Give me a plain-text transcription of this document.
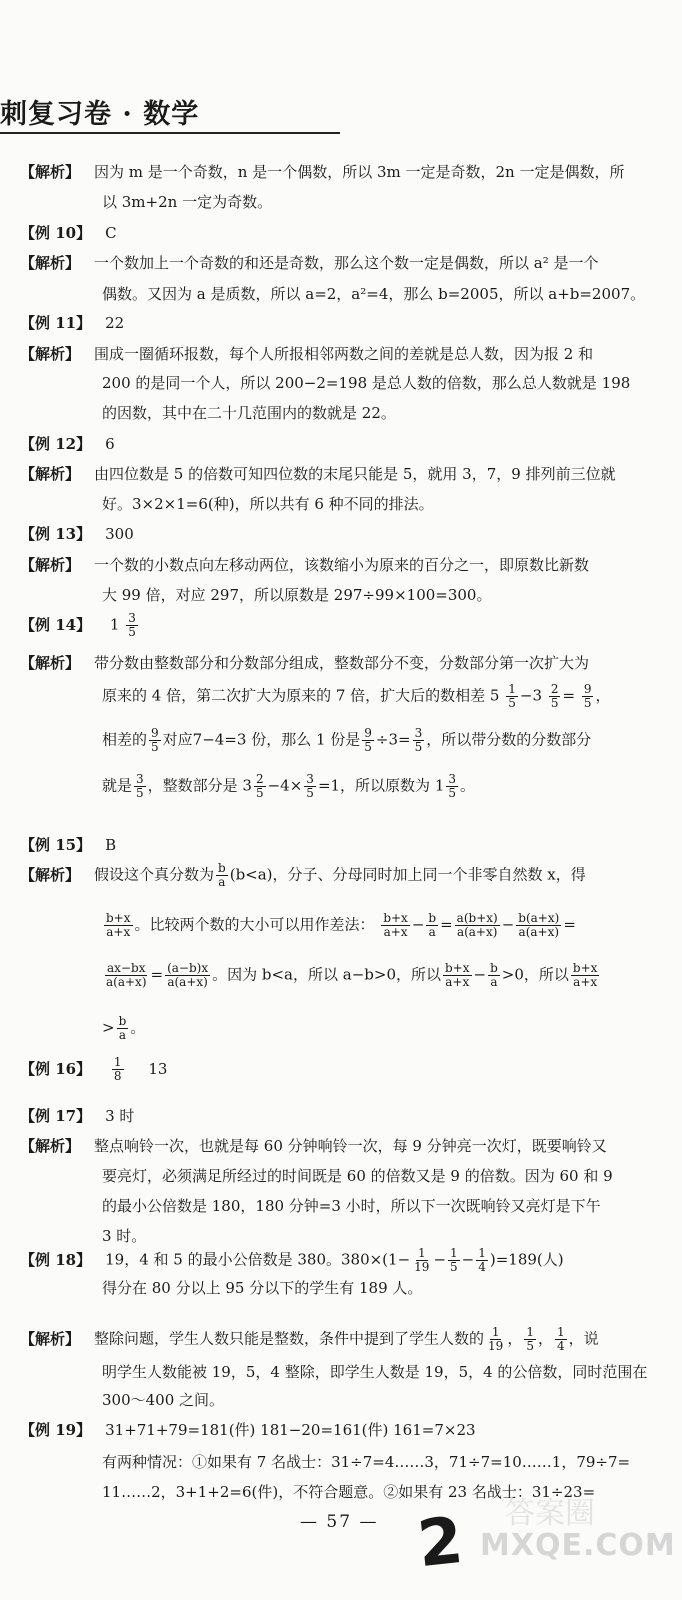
刺复习卷 · 数学
【解析】 因为 m 是一个奇数，n 是一个偶数，所以 3m 一定是奇数，2n 一定是偶数，所
以 3m+2n 一定为奇数。
【例 10】 C
【解析】 一个数加上一个奇数的和还是奇数，那么这个数一定是偶数，所以 a² 是一个
偶数。又因为 a 是质数，所以 a=2，a²=4，那么 b=2005，所以 a+b=2007。
【例 11】 22
【解析】 围成一圈循环报数，每个人所报相邻两数之间的差就是总人数，因为报 2 和
200 的是同一个人，所以 200−2=198 是总人数的倍数，那么总人数就是 198
的因数，其中在二十几范围内的数就是 22。
【例 12】 6
【解析】 由四位数是 5 的倍数可知四位数的末尾只能是 5，就用 3，7，9 排列前三位就
好。3×2×1=6(种)，所以共有 6 种不同的排法。
【例 13】 300
【解析】 一个数的小数点向左移动两位，该数缩小为原来的百分之一，即原数比新数
大 99 倍，对应 297，所以原数是 297÷99×100=300。
【解析】 带分数由整数部分和分数部分组成，整数部分不变，分数部分第一次扩大为
【例 15】 B
【例 17】 3 时
【解析】 整点响铃一次，也就是每 60 分钟响铃一次，每 9 分钟亮一次灯，既要响铃又
要亮灯，必须满足所经过的时间既是 60 的倍数又是 9 的倍数。因为 60 和 9
的最小公倍数是 180，180 分钟=3 小时，所以下一次既响铃又亮灯是下午
3 时。
得分在 80 分以上 95 分以下的学生有 189 人。
300～400 之间。
【例 19】 31+71+79=181(件) 181−20=161(件) 161=7×23
有两种情况：①如果有 7 名战士：31÷7=4……3，71÷7=10……1，79÷7=
11……2，3+1+2=6(件)，不符合题意。②如果有 23 名战士：31÷23=
【例 14】 $1 \frac{3}{5}$
原来的 4 倍，第二次扩大为原来的 7 倍，扩大后的数相差 $5 \frac{1}{5} -3 \frac{2}{5} = \frac{9}{5}$ ，
相差的 $\frac{9}{5}$ 对应7−4=3 份，那么 1 份是 $\frac{9}{5} \div 3= \frac{3}{5}$ ，所以带分数的分数部分
就是 $\frac{3}{5}$ ，整数部分是 $3 \frac{2}{5} -4\times \frac{3}{5} =1$，所以原数为 $1 \frac{3}{5}$ 。
【解析】 假设这个真分数为 $\frac{b}{a} (b<a)$，分子、分母同时加上同一个非零自然数 x，得
$\frac{b+x}{a+x}$ 。比较两个数的大小可以用作差法： $\frac{b+x}{a+x} - \frac{b}{a} = \frac{a(b+x)}{a(a+x)} - \frac{b(a+x)}{a(a+x)}$ =
$\frac{ax-bx}{a(a+x)} = \frac{(a-b)x}{a(a+x)}$ 。因为 b<a，所以 a−b>0，所以 $\frac{b+x}{a+x} - \frac{b}{a} >0$，所以 $\frac{b+x}{a+x}$
> $\frac{b}{a}$ 。
【例 16】 $\frac{1}{8} 13$
【例 18】 19，4 和 5 的最小公倍数是 380。$380\times(1- \frac{1}{19} - \frac{1}{5} - \frac{1}{4} )=189$(人)
【解析】 整除问题，学生人数只能是整数，条件中提到了学生人数的 $\frac{1}{19}$ ， $\frac{1}{5}$ ， $\frac{1}{4}$ ，说
明学生人数能被 19，5，4 整除，即学生人数是 19，5，4 的公倍数，同时范围在
— 57 — 2 答案圈
MXQE.COM
